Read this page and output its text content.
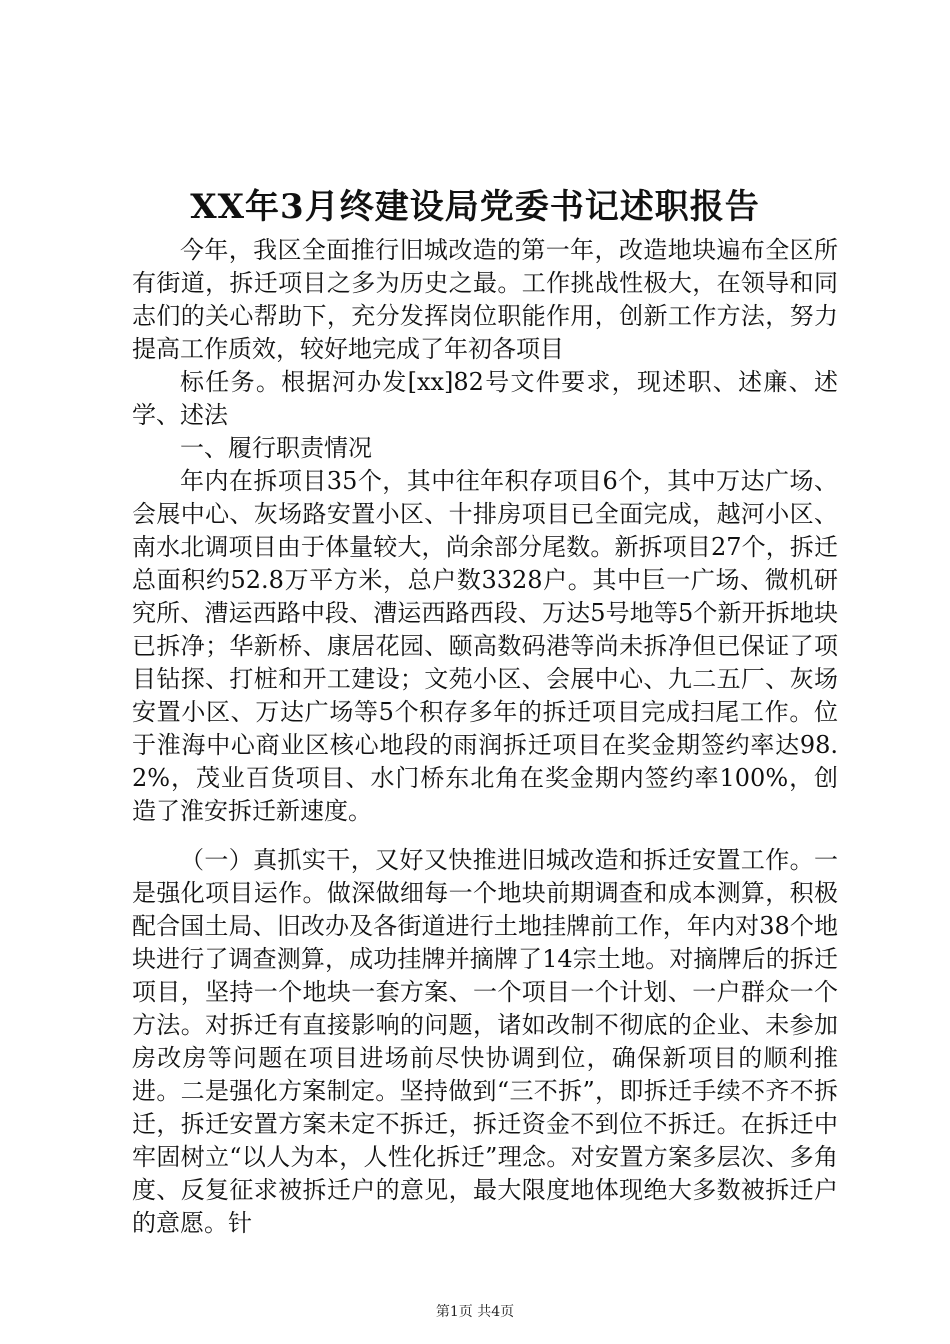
XX年3月终建设局党委书记述职报告

今年，我区全面推行旧城改造的第一年，改造地块遍布全区所有街道，拆迁项目之多为历史之最。工作挑战性极大，在领导和同志们的关心帮助下，充分发挥岗位职能作用，创新工作方法，努力提高工作质效，较好地完成了年初各项目

标任务。根据河办发[xx]82号文件要求，现述职、述廉、述学、述法

一、履行职责情况

年内在拆项目35个，其中往年积存项目6个，其中万达广场、会展中心、灰场路安置小区、十排房项目已全面完成，越河小区、南水北调项目由于体量较大，尚余部分尾数。新拆项目27个，拆迁总面积约52.8万平方米，总户数3328户。其中巨一广场、微机研究所、漕运西路中段、漕运西路西段、万达5号地等5个新开拆地块已拆净；华新桥、康居花园、颐高数码港等尚未拆净但已保证了项目钻探、打桩和开工建设；文苑小区、会展中心、九二五厂、灰场安置小区、万达广场等5个积存多年的拆迁项目完成扫尾工作。位于淮海中心商业区核心地段的雨润拆迁项目在奖金期签约率达98.2%，茂业百货项目、水门桥东北角在奖金期内签约率100%，创造了淮安拆迁新速度。

（一）真抓实干，又好又快推进旧城改造和拆迁安置工作。一是强化项目运作。做深做细每一个地块前期调查和成本测算，积极配合国土局、旧改办及各街道进行土地挂牌前工作，年内对38个地块进行了调查测算，成功挂牌并摘牌了14宗土地。对摘牌后的拆迁项目，坚持一个地块一套方案、一个项目一个计划、一户群众一个方法。对拆迁有直接影响的问题，诸如改制不彻底的企业、未参加房改房等问题在项目进场前尽快协调到位，确保新项目的顺利推进。二是强化方案制定。坚持做到“三不拆”，即拆迁手续不齐不拆迁，拆迁安置方案未定不拆迁，拆迁资金不到位不拆迁。在拆迁中牢固树立“以人为本，人性化拆迁”理念。对安置方案多层次、多角度、反复征求被拆迁户的意见，最大限度地体现绝大多数被拆迁户的意愿。针

第1页 共4页
